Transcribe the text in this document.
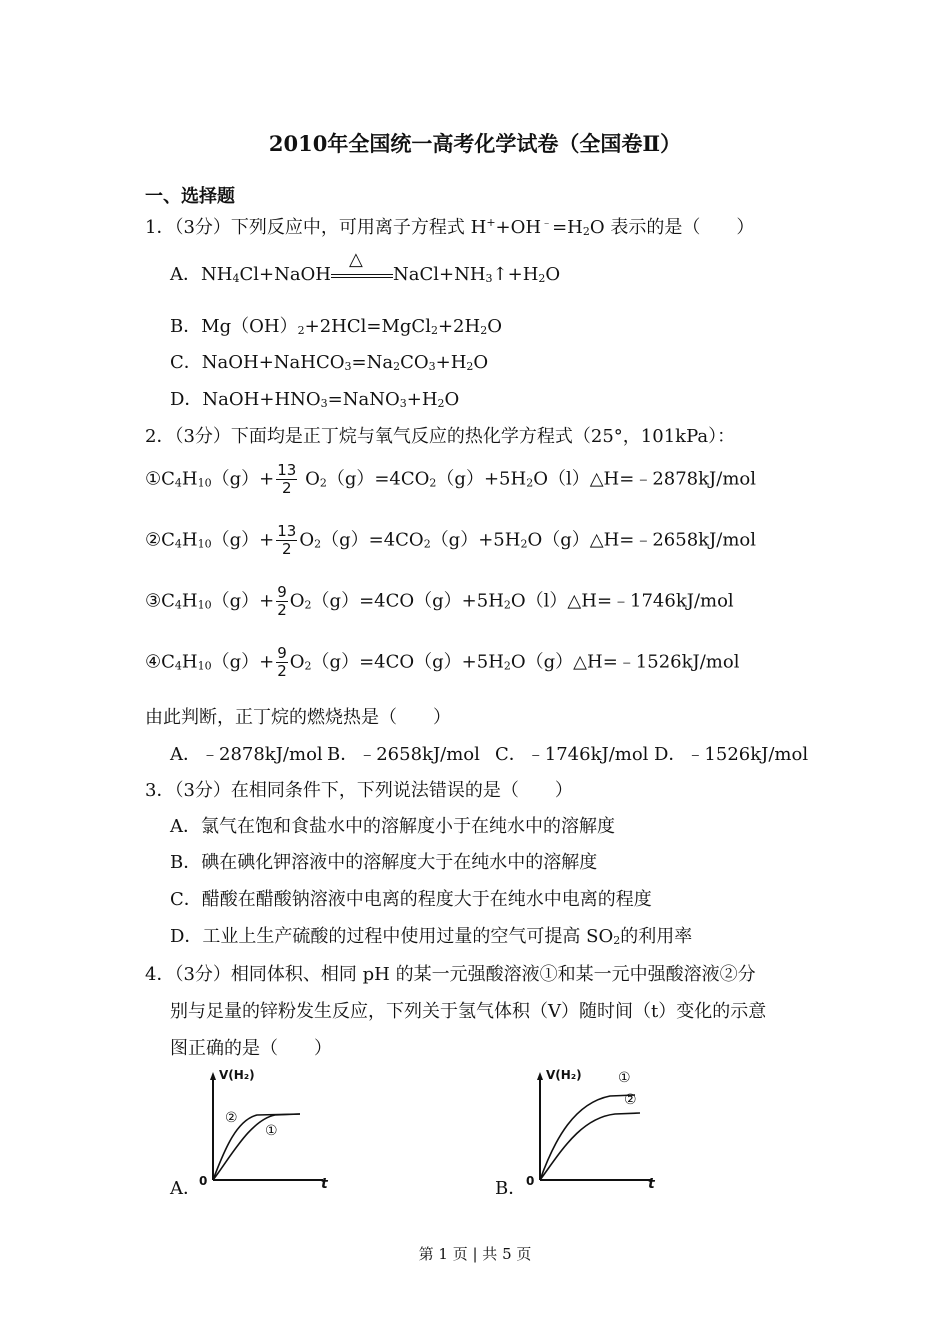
2010年全国统一高考化学试卷（全国卷Ⅱ）
一、选择题
1．（3分）下列反应中，可用离子方程式 $H^++OH^﹣=H_2O$ 表示的是（　　）
A．$NH_4Cl+NaOH$
△
$NaCl+NH_3↑+H_2O$
B．$Mg(OH)_2+2HCl=MgCl_2+2H_2O$
C．$NaOH+NaHCO_3=Na_2CO_3+H_2O$
D．$NaOH+HNO_3=NaNO_3+H_2O$
2．（3分）下面均是正丁烷与氧气反应的热化学方程式（25°，101kPa）：
$①C_4H_{10}(g)+ \frac{13}{2}$ $O_2(g)=4CO_2(g)+5H_2O(l)\triangle H=﹣2878kJ$/mol
$②C_4H_{10}(g)+ \frac{13}{2}$ $O_2(g)=4CO_2(g)+5H_2O(g)\triangle H=﹣2658kJ$/mol
$③C_4H_{10}(g)+ \frac{9}{2}$ $O_2(g)=4CO(g)+5H_2O(l)\triangle H=﹣1746kJ$/mol
$④C_4H_{10}(g)+ \frac{9}{2}$ $O_2(g)=4CO(g)+5H_2O(g)\triangle H=﹣1526kJ$/mol
由此判断，正丁烷的燃烧热是（　　）
A．﹣2878kJ/mol B．﹣2658kJ/mol C．﹣1746kJ/mol D．﹣1526kJ/mol
3．（3分）在相同条件下，下列说法错误的是（　　）
A．氯气在饱和食盐水中的溶解度小于在纯水中的溶解度
B．碘在碘化钾溶液中的溶解度大于在纯水中的溶解度
C．醋酸在醋酸钠溶液中电离的程度大于在纯水中电离的程度
D．工业上生产硫酸的过程中使用过量的空气可提高 $SO_2$的利用率
4．（3分）相同体积、相同 pH 的某一元强酸溶液①和某一元中强酸溶液②分
别与足量的锌粉发生反应，下列关于氢气体积（V）随时间（t）变化的示意
图正确的是（　　）
A．	B．
V(H₂)
0	t
②
①
V(H₂)
0	t
①
②
第 1 页 | 共 5 页
